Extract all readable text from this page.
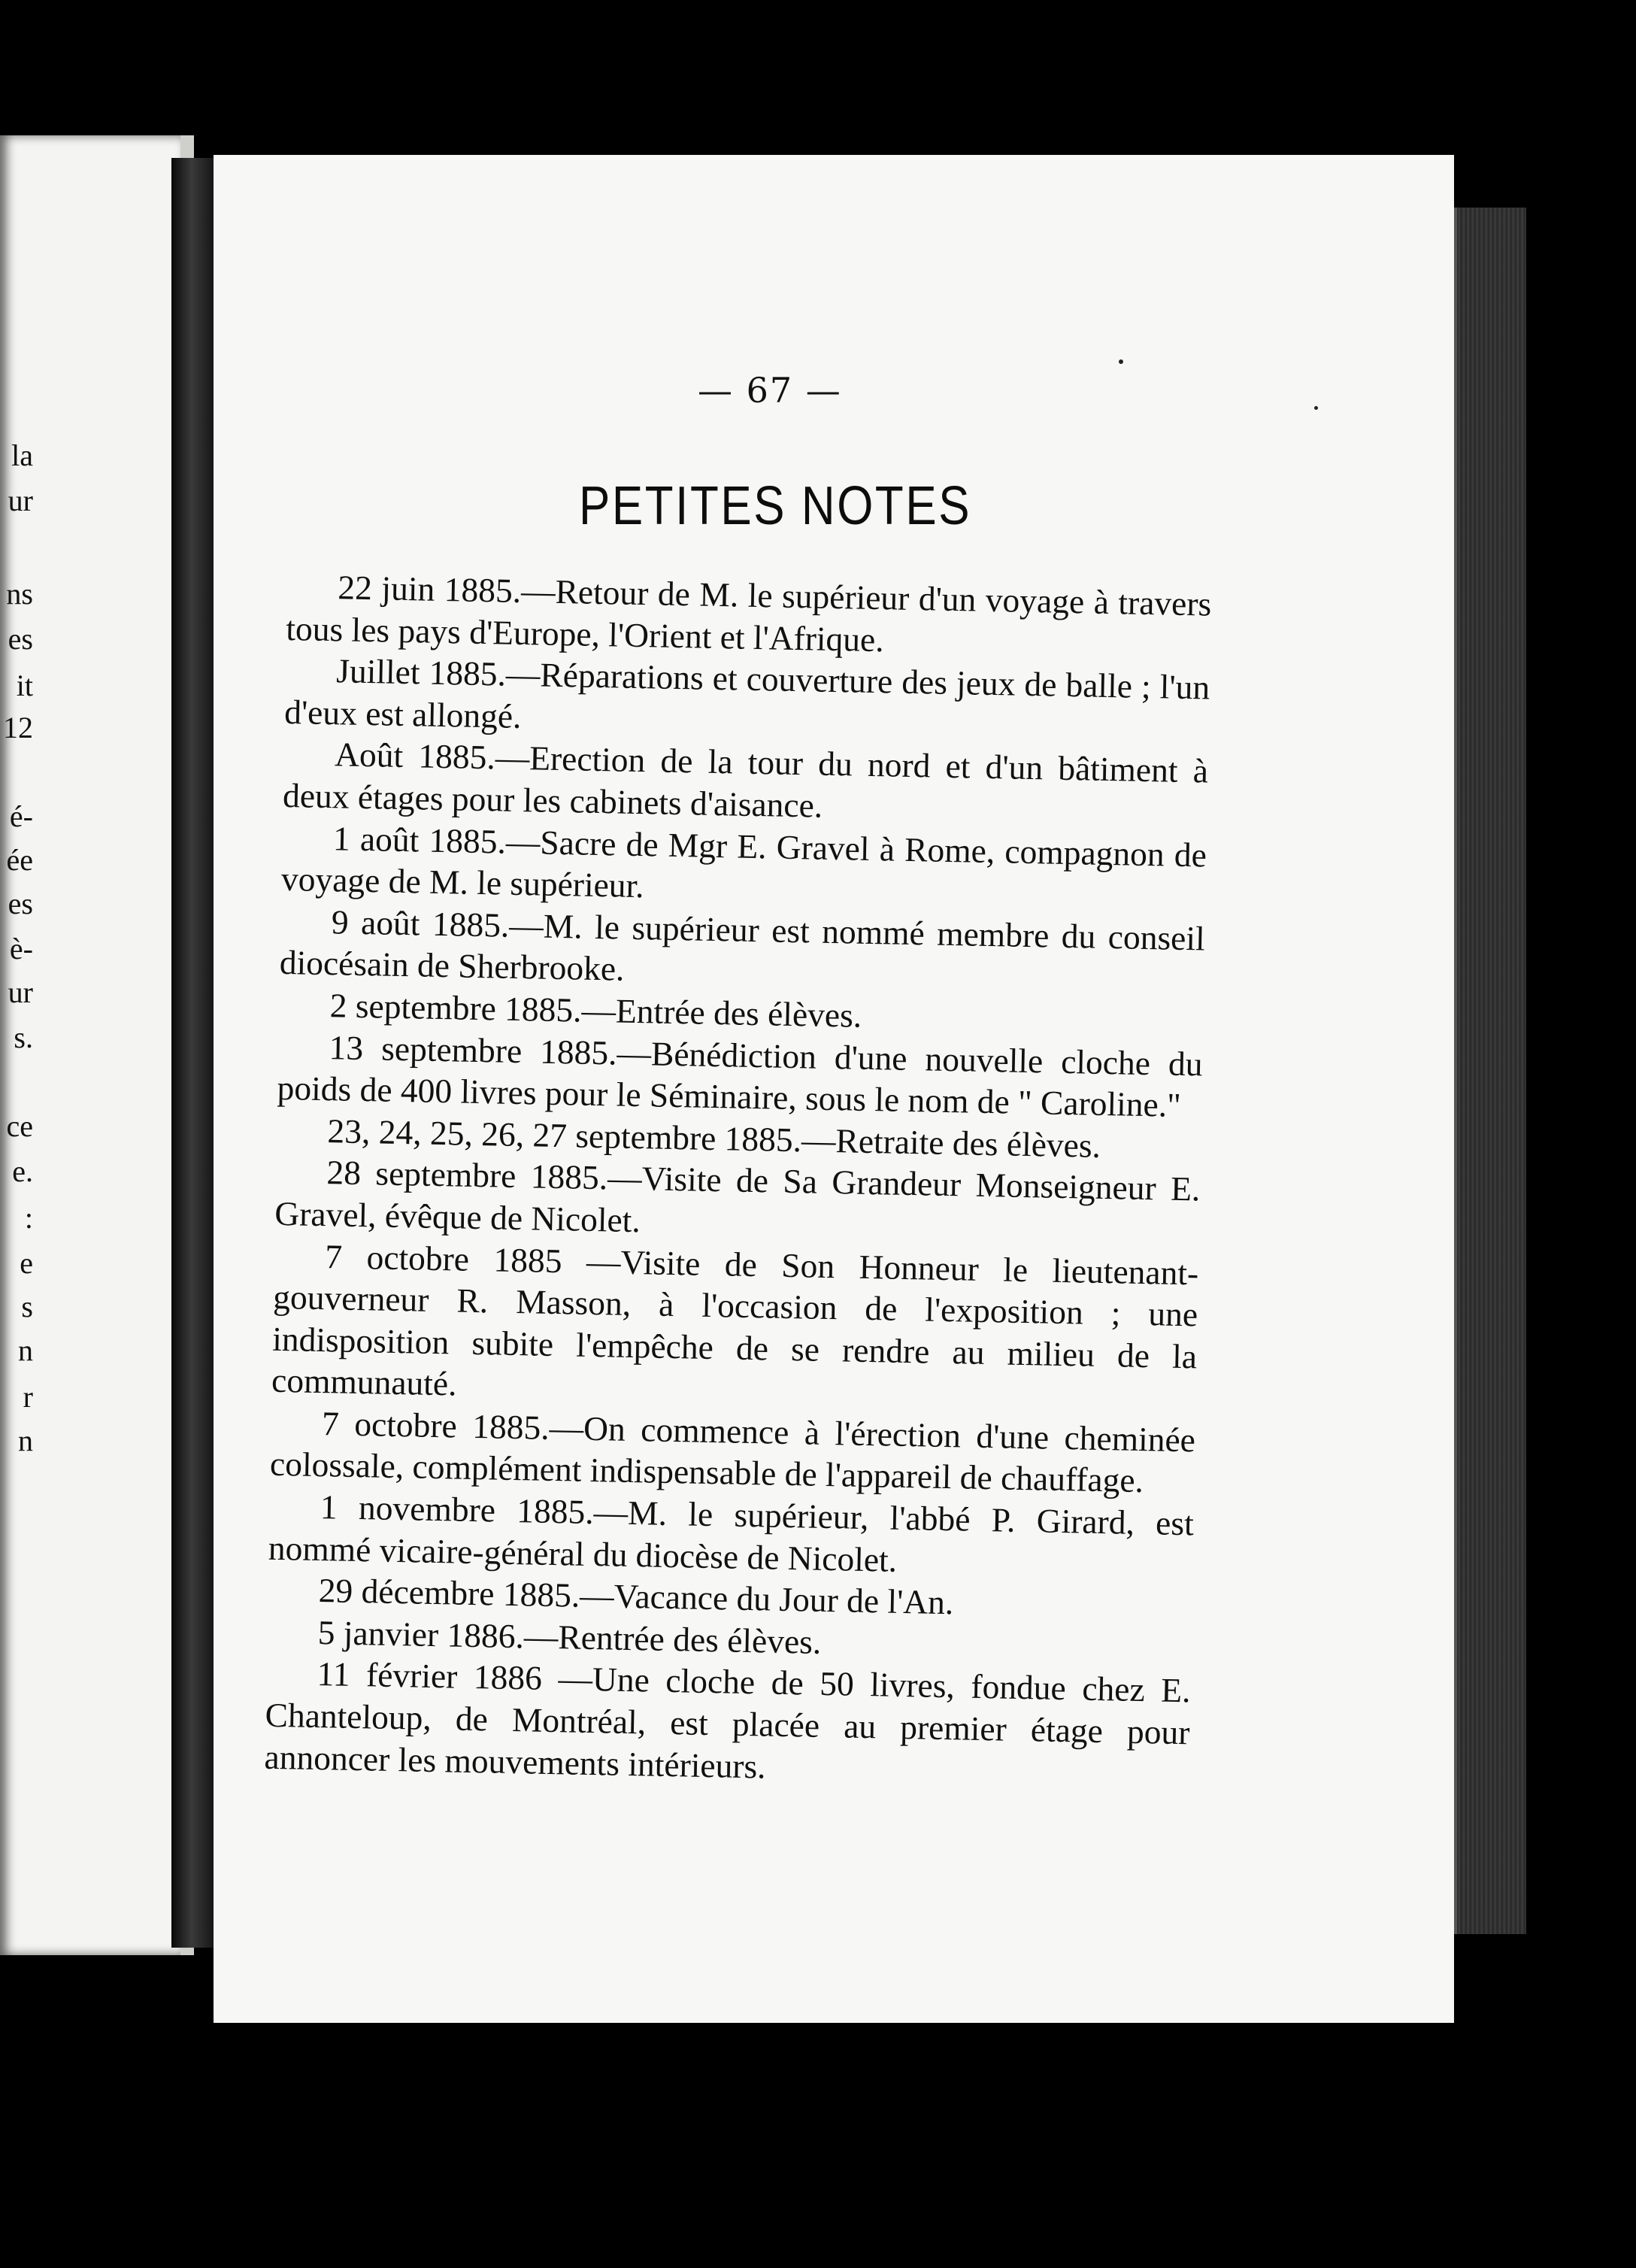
la
ur
ns
es
it
12
é-
ée
es
è-
ur
s.
ce
e.
:
e
s
n
r
n
— 67 —
PETITES NOTES

22 juin 1885.—Retour de M. le supérieur d'un voyage à travers tous les pays d'Europe, l'Orient et l'Afrique.

Juillet 1885.—Réparations et couverture des jeux de balle ; l'un d'eux est allongé.

Août 1885.—Erection de la tour du nord et d'un bâtiment à deux étages pour les cabinets d'aisance.

1 août 1885.—Sacre de Mgr E. Gravel à Rome, compagnon de voyage de M. le supérieur.

9 août 1885.—M. le supérieur est nommé membre du conseil diocésain de Sherbrooke.

2 septembre 1885.—Entrée des élèves.

13 septembre 1885.—Bénédiction d'une nouvelle cloche du poids de 400 livres pour le Séminaire, sous le nom de " Caroline."

23, 24, 25, 26, 27 septembre 1885.—Retraite des élèves.

28 septembre 1885.—Visite de Sa Grandeur Monseigneur E. Gravel, évêque de Nicolet.

7 octobre 1885 —Visite de Son Honneur le lieutenant-gouverneur R. Masson, à l'occasion de l'exposition ; une indisposition subite l'empêche de se rendre au milieu de la communauté.

7 octobre 1885.—On commence à l'érection d'une cheminée colossale, complément indispensable de l'appareil de chauffage.

1 novembre 1885.—M. le supérieur, l'abbé P. Girard, est nommé vicaire-général du diocèse de Nicolet.

29 décembre 1885.—Vacance du Jour de l'An.

5 janvier 1886.—Rentrée des élèves.

11 février 1886 —Une cloche de 50 livres, fondue chez E. Chanteloup, de Montréal, est placée au premier étage pour annoncer les mouvements intérieurs.
